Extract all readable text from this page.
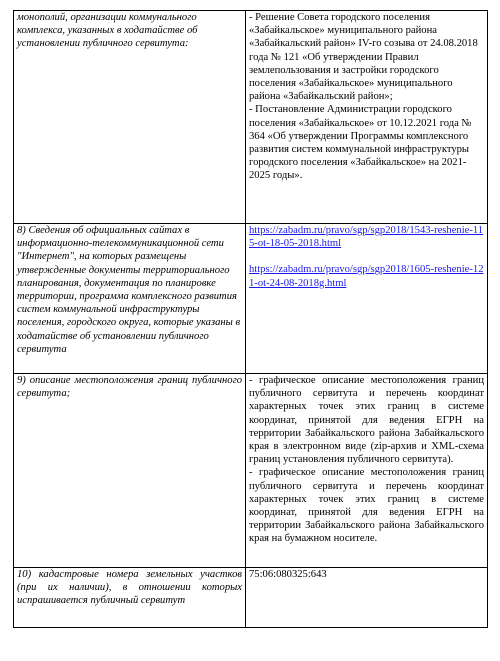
монополий, организации коммунального комплекса, указанных в ходатайстве об установлении публичного сервитута:	- Решение Совета городского поселения «Забайкальское» муниципального района «Забайкальский район» IV-го созыва от 24.08.2018 года № 121 «Об утверждении Правил землепользования и застройки городского поселения «Забайкальское» муниципального района «Забайкальский район»;
- Постановление Администрации городского поселения «Забайкальское» от 10.12.2021 года № 364 «Об утверждении Программы комплексного развития систем коммунальной инфраструктуры городского поселения «Забайкальское» на 2021-2025 годы».

8) Сведения об официальных сайтах в информационно-телекоммуникационной сети "Интернет", на которых размещены утвержденные документы территориального планирования, документация по планировке территории, программа комплексного развития систем коммунальной инфраструктуры поселения, городского округа, которые указаны в ходатайстве об установлении публичного сервитута	https://zabadm.ru/pravo/sgp/sgp2018/1543-reshenie-115-ot-18-05-2018.html
https://zabadm.ru/pravo/sgp/sgp2018/1605-reshenie-121-ot-24-08-2018g.html

9) описание местоположения границ публичного сервитута;	- графическое описание местоположения границ публичного сервитута и перечень координат характерных точек этих границ в системе координат, принятой для ведения ЕГРН на территории Забайкальского района Забайкальского края в электронном виде (zip-архив и XML-схема границ установления публичного сервитута).
- графическое описание местоположения границ публичного сервитута и перечень координат характерных точек этих границ в системе координат, принятой для ведения ЕГРН на территории Забайкальского района Забайкальского края на бумажном носителе.

10) кадастровые номера земельных участков (при их наличии), в отношении которых испрашивается публичный сервитут	75:06:080325:643
